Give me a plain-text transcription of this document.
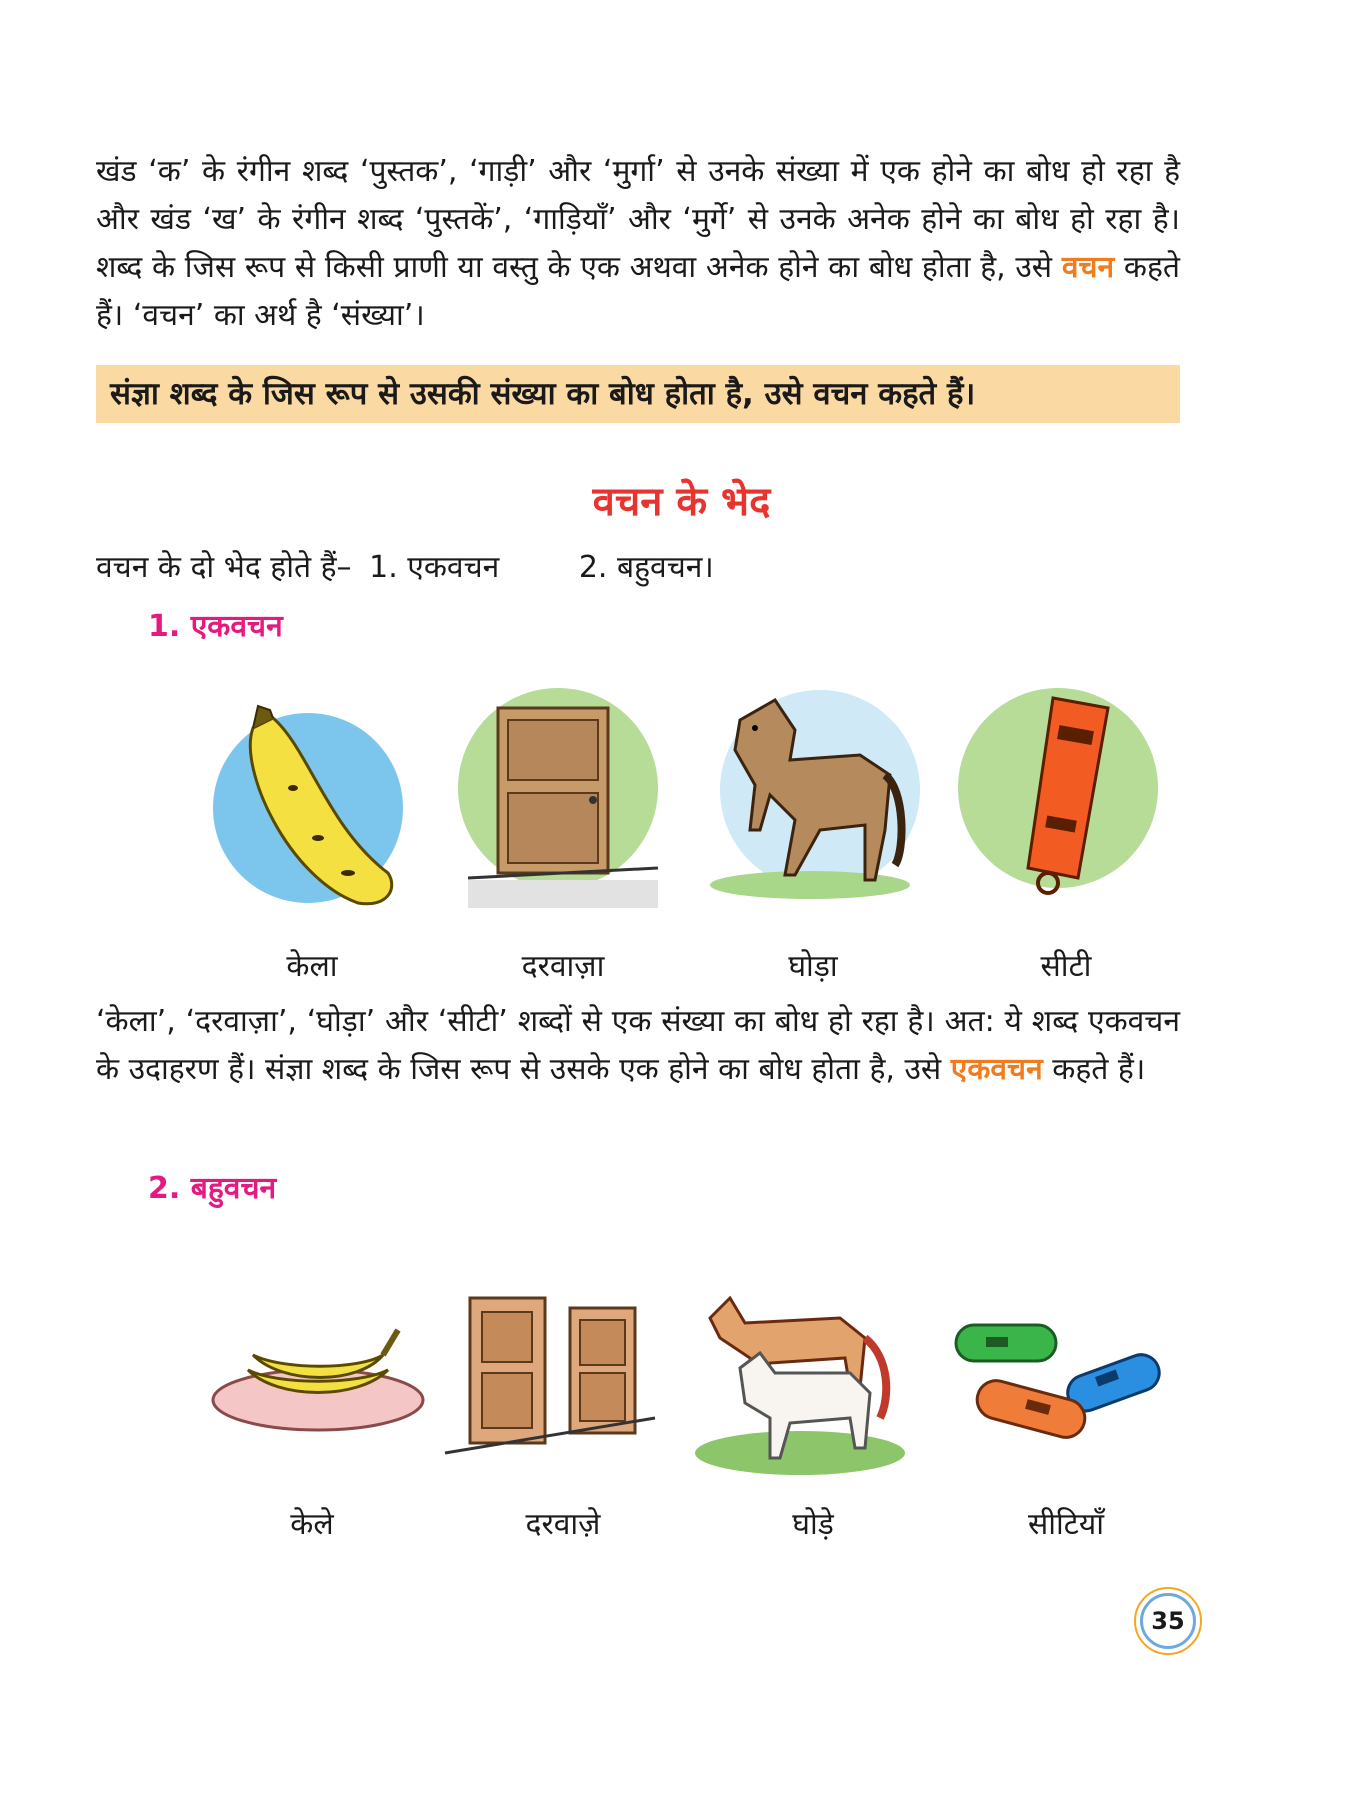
खंड ‘क’ के रंगीन शब्द ‘पुस्तक’, ‘गाड़ी’ और ‘मुर्गा’ से उनके संख्या में एक होने का बोध हो रहा है और खंड ‘ख’ के रंगीन शब्द ‘पुस्तकें’, ‘गाड़ियाँ’ और ‘मुर्गे’ से उनके अनेक होने का बोध हो रहा है। शब्द के जिस रूप से किसी प्राणी या वस्तु के एक अथवा अनेक होने का बोध होता है, उसे वचन कहते हैं। ‘वचन’ का अर्थ है ‘संख्या’।
संज्ञा शब्द के जिस रूप से उसकी संख्या का बोध होता है, उसे वचन कहते हैं।
वचन के भेद
वचन के दो भेद होते हैं– 1. एकवचन	2. बहुवचन।
1. एकवचन
केला	दरवाज़ा	घोड़ा	सीटी
‘केला’, ‘दरवाज़ा’, ‘घोड़ा’ और ‘सीटी’ शब्दों से एक संख्या का बोध हो रहा है। अत: ये शब्द एकवचन के उदाहरण हैं। संज्ञा शब्द के जिस रूप से उसके एक होने का बोध होता है, उसे एकवचन कहते हैं।
2. बहुवचन
केले	दरवाज़े	घोड़े	सीटियाँ
35
